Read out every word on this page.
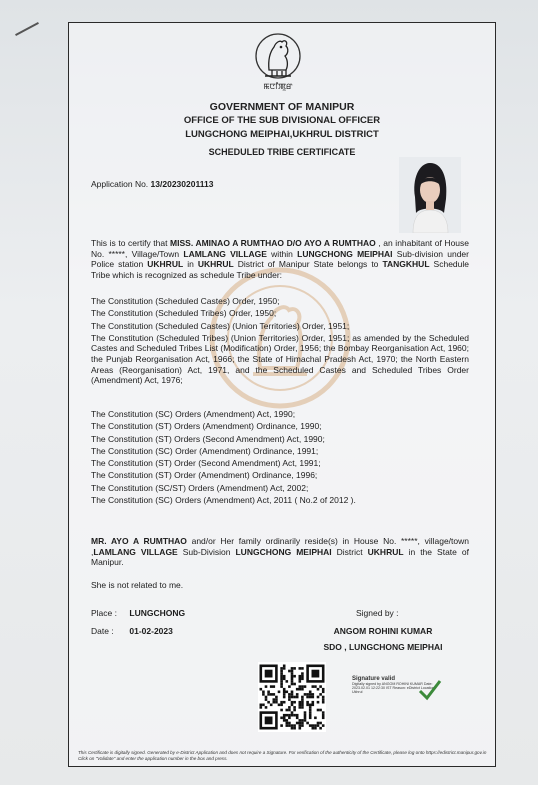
ꯃꯅꯤꯄꯨꯔ
GOVERNMENT OF MANIPUR
OFFICE OF THE SUB DIVISIONAL OFFICER
LUNGCHONG MEIPHAI,UKHRUL DISTRICT
SCHEDULED TRIBE CERTIFICATE
Application No. 13/20230201113
This is to certify that MISS. AMINAO A RUMTHAO D/O AYO A RUMTHAO , an inhabitant of House No. *****, Village/Town LAMLANG VILLAGE within LUNGCHONG MEIPHAI Sub-division under Police station UKHRUL in UKHRUL District of Manipur State belongs to TANGKHUL Schedule Tribe which is recognized as schedule Tribe under:
The Constitution (Scheduled Castes) Order, 1950;
The Constitution (Scheduled Tribes) Order, 1950;
The Constitution (Scheduled Castes) (Union Territories) Order, 1951;
The Constitution (Scheduled Tribes) (Union Territories) Order, 1951; as amended by the Scheduled Castes and Scheduled Tribes List (Modification) Order, 1956; the Bombay Reorganisation Act, 1960; the Punjab Reorganisation Act, 1966; the State of Himachal Pradesh Act, 1970; the North Eastern Areas (Reorganisation) Act, 1971, and the Scheduled Castes and Scheduled Tribes Order (Amendment) Act, 1976;
The Constitution (SC) Orders (Amendment) Act, 1990;
The Constitution (ST) Orders (Amendment) Ordinance, 1990;
The Constitution (ST) Orders (Second Amendment) Act, 1990;
The Constitution (SC) Order (Amendment) Ordinance, 1991;
The Constitution (ST) Order (Second Amendment) Act, 1991;
The Constitution (ST) Order (Amendment) Ordinance, 1996;
The Constitution (SC/ST) Orders (Amendment) Act, 2002;
The Constitution (SC) Orders (Amendment) Act, 2011 ( No.2 of 2012 ).
MR. AYO A RUMTHAO and/or Her family ordinarily reside(s) in House No. *****, village/town ,LAMLANG VILLAGE Sub-Division LUNGCHONG MEIPHAI District UKHRUL in the State of Manipur.
She is not related to me.
Place : LUNGCHONG
Date : 01-02-2023
Signed by :
ANGOM ROHINI KUMAR
SDO , LUNGCHONG MEIPHAI
Signature valid
Digitally signed by ANGOM ROHINI KUMAR Date: 2023.02.01 12:22:30 IST Reason: eDistrict Location: Ukhrul
This Certificate is digitally signed. Generated by e-District Application and does not require a Signature. For verification of the authenticity of the Certificate, please log onto https://edistrict.manipur.gov.in Click on "Validate" and enter the application number in the box and press.
